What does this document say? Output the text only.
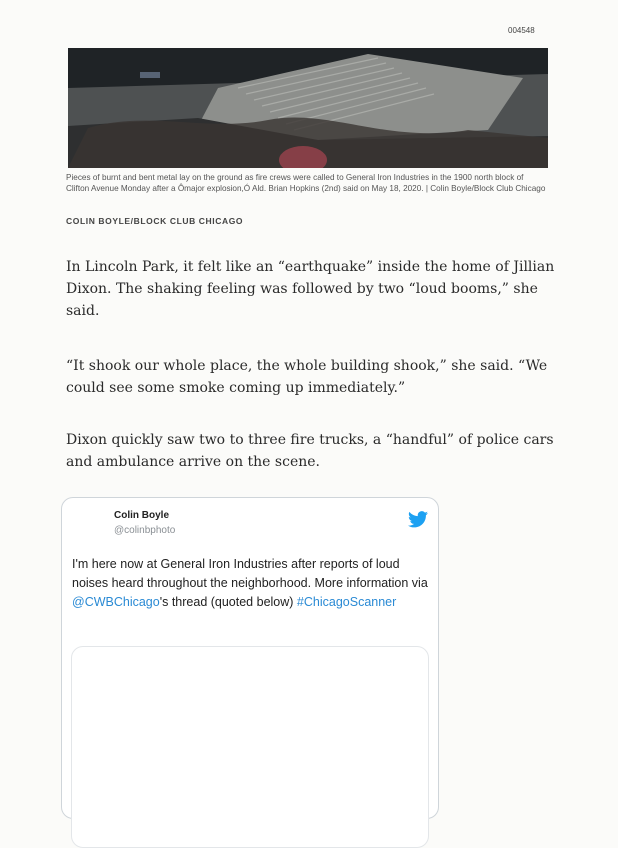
004548
Pieces of burnt and bent metal lay on the ground as fire crews were called to General Iron Industries in the 1900 north block of Clifton Avenue Monday after a Ômajor explosion,Ó Ald. Brian Hopkins (2nd) said on May 18, 2020. | Colin Boyle/Block Club Chicago
COLIN BOYLE/BLOCK CLUB CHICAGO

In Lincoln Park, it felt like an “earthquake” inside the home of Jillian Dixon. The shaking feeling was followed by two “loud booms,” she said.

“It shook our whole place, the whole building shook,” she said. “We could see some smoke coming up immediately.”

Dixon quickly saw two to three fire trucks, a “handful” of police cars and ambulance arrive on the scene.

Colin Boyle
@colinbphoto

I'm here now at General Iron Industries after reports of loud noises heard throughout the neighborhood. More information via @CWBChicago's thread (quoted below) #ChicagoScanner
